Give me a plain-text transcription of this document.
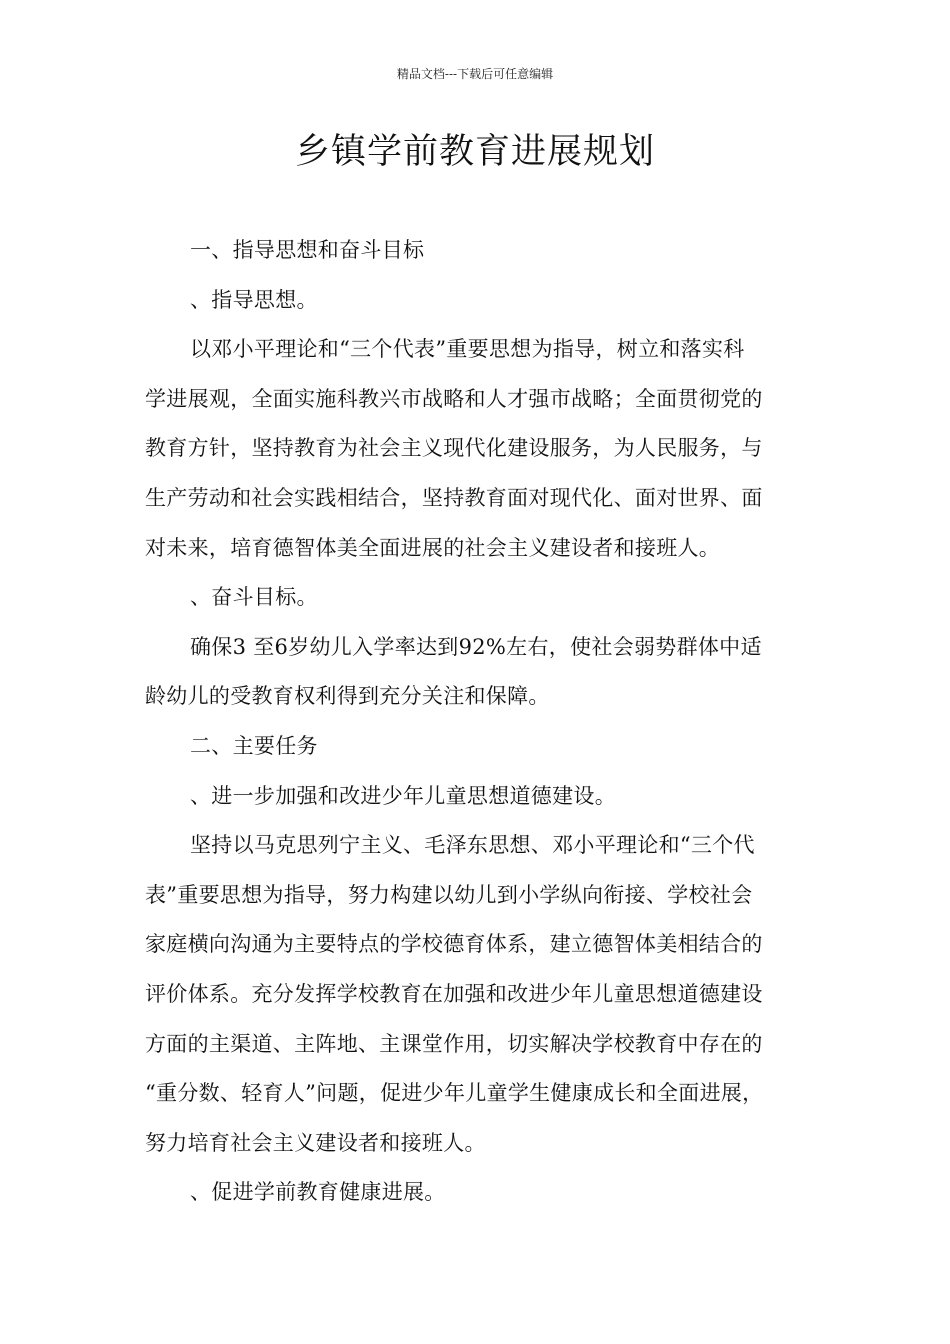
精品文档---下载后可任意编辑
乡镇学前教育进展规划

一、指导思想和奋斗目标

、指导思想。

以邓小平理论和“三个代表”重要思想为指导，树立和落实科

学进展观，全面实施科教兴市战略和人才强市战略；全面贯彻党的

教育方针，坚持教育为社会主义现代化建设服务，为人民服务，与

生产劳动和社会实践相结合，坚持教育面对现代化、面对世界、面

对未来，培育德智体美全面进展的社会主义建设者和接班人。

、奋斗目标。

确保3 至6岁幼儿入学率达到92%左右，使社会弱势群体中适

龄幼儿的受教育权利得到充分关注和保障。

二、主要任务

、进一步加强和改进少年儿童思想道德建设。

坚持以马克思列宁主义、毛泽东思想、邓小平理论和“三个代

表”重要思想为指导，努力构建以幼儿到小学纵向衔接、学校社会

家庭横向沟通为主要特点的学校德育体系，建立德智体美相结合的

评价体系。充分发挥学校教育在加强和改进少年儿童思想道德建设

方面的主渠道、主阵地、主课堂作用，切实解决学校教育中存在的

“重分数、轻育人”问题，促进少年儿童学生健康成长和全面进展，

努力培育社会主义建设者和接班人。

、促进学前教育健康进展。
